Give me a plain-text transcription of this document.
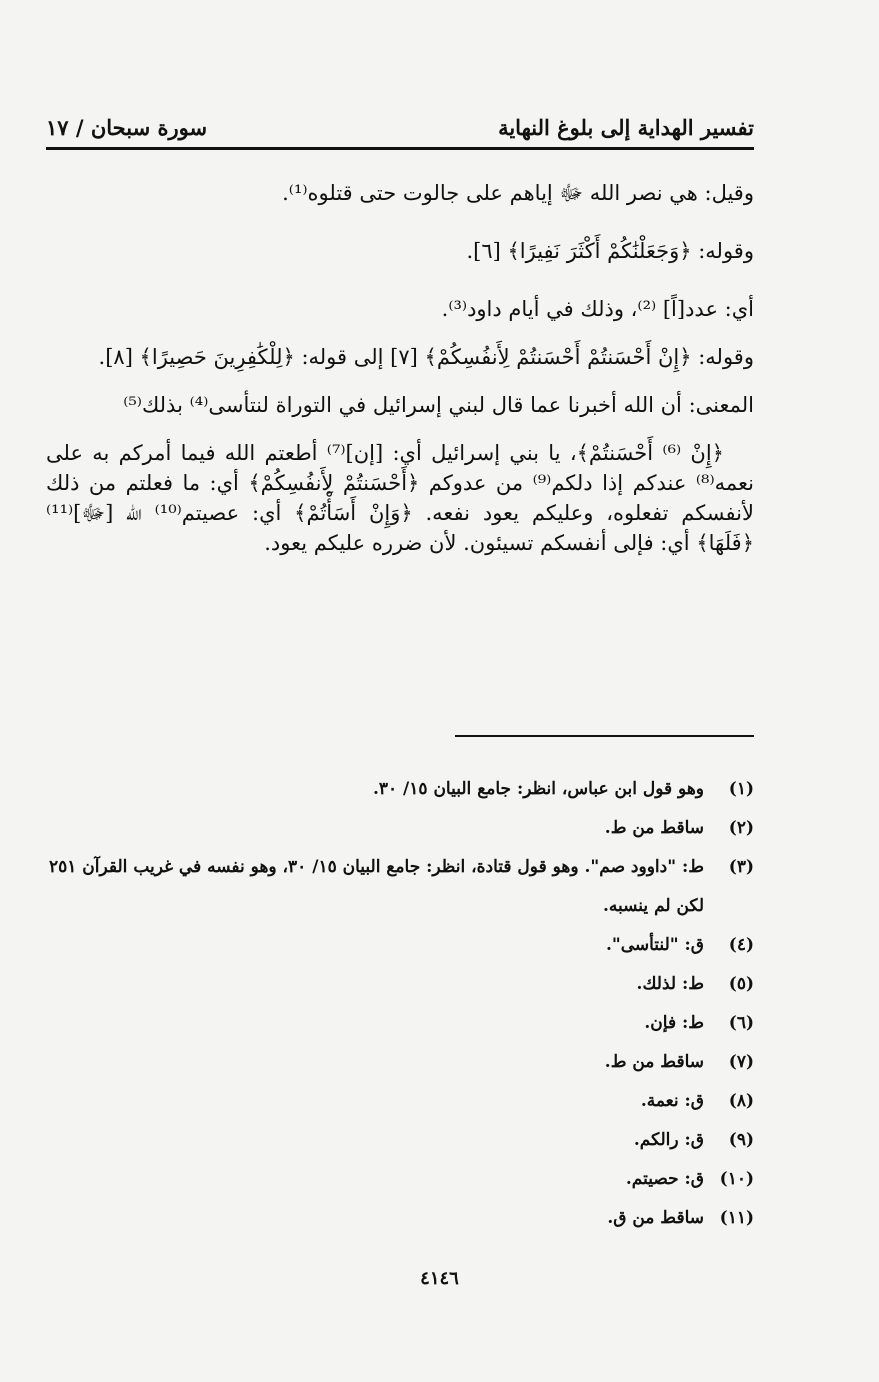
تفسير الهداية إلى بلوغ النهاية
سورة سبحان / ١٧

وقيل: هي نصر الله ﷻ إياهم على جالوت حتى قتلوه⁽¹⁾.

وقوله: ﴿وَجَعَلْنَٰكُمْ أَكْثَرَ نَفِيرًا﴾ [٦].

أي: عدد[اً] ⁽²⁾، وذلك في أيام داود⁽³⁾.

وقوله: ﴿إِنْ أَحْسَنتُمْ أَحْسَنتُمْ لِأَنفُسِكُمْ﴾ [٧] إلى قوله: ﴿لِلْكَٰفِرِينَ حَصِيرًا﴾ [٨].

المعنى: أن الله أخبرنا عما قال لبني إسرائيل في التوراة لنتأسى⁽⁴⁾ بذلك⁽⁵⁾

﴿إِنْ ⁽⁶⁾ أَحْسَنتُمْ﴾، يا بني إسرائيل أي: [إن]⁽⁷⁾ أطعتم الله فيما أمركم به على نعمه⁽⁸⁾ عندكم إذا دلكم⁽⁹⁾ من عدوكم ﴿أَحْسَنتُمْ لِأَنفُسِكُمْ﴾ أي: ما فعلتم من ذلك لأنفسكم تفعلوه، وعليكم يعود نفعه. ﴿وَإِنْ أَسَأْتُمْ﴾ أي: عصيتم⁽¹⁰⁾ الله [ﷻ]⁽¹¹⁾ ﴿فَلَهَا﴾ أي: فإلى أنفسكم تسيئون. لأن ضرره عليكم يعود.

(١)
وهو قول ابن عباس، انظر: جامع البيان ١٥/ ٣٠.
(٢)
ساقط من ط.
(٣)
ط: "داوود صم". وهو قول قتادة، انظر: جامع البيان ١٥/ ٣٠، وهو نفسه في غريب القرآن ٢٥١ لكن لم ينسبه.
(٤)
ق: "لنتأسى".
(٥)
ط: لذلك.
(٦)
ط: فإن.
(٧)
ساقط من ط.
(٨)
ق: نعمة.
(٩)
ق: رالكم.
(١٠)
ق: حصيتم.
(١١)
ساقط من ق.
٤١٤٦
